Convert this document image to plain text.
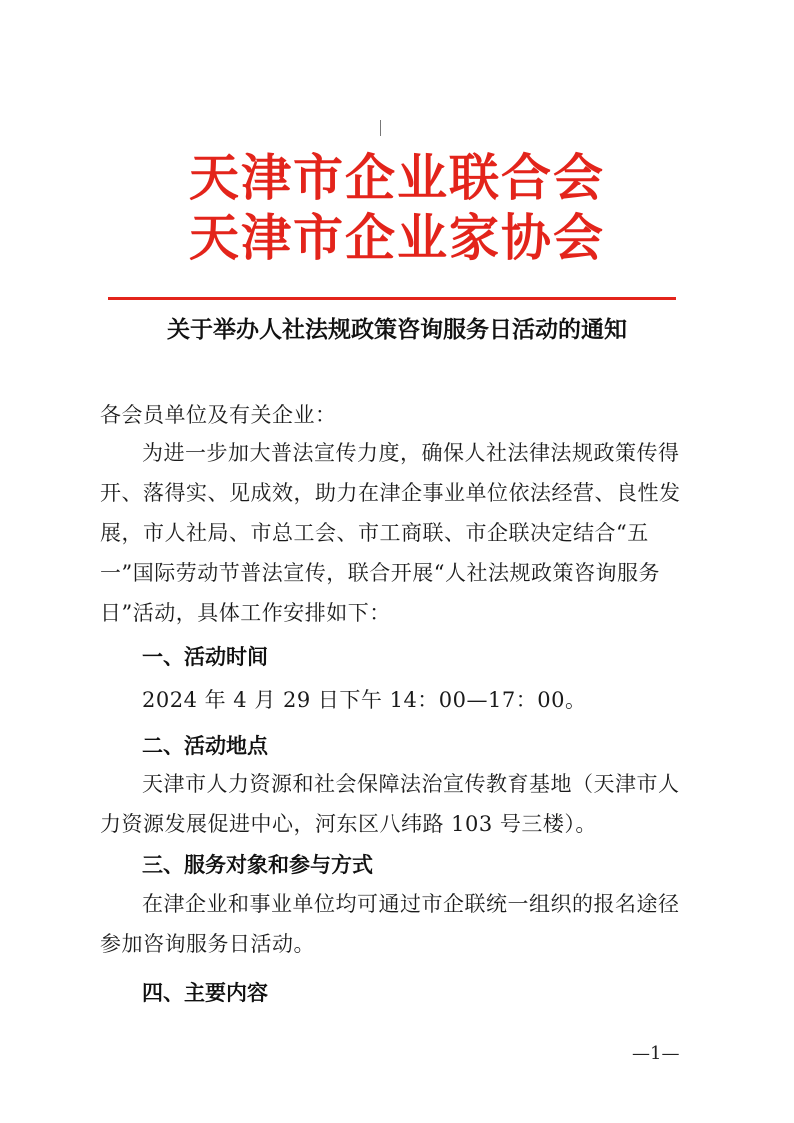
天津市企业联合会
天津市企业家协会
关于举办人社法规政策咨询服务日活动的通知
各会员单位及有关企业：
为进一步加大普法宣传力度，确保人社法律法规政策传得开、落得实、见成效，助力在津企事业单位依法经营、良性发展，市人社局、市总工会、市工商联、市企联决定结合“五一”国际劳动节普法宣传，联合开展“人社法规政策咨询服务日”活动，具体工作安排如下：
一、活动时间
2024 年 4 月 29 日下午 14：00—17：00。
二、活动地点
天津市人力资源和社会保障法治宣传教育基地（天津市人力资源发展促进中心，河东区八纬路 103 号三楼）。
三、服务对象和参与方式
在津企业和事业单位均可通过市企联统一组织的报名途径参加咨询服务日活动。
四、主要内容
—1—
